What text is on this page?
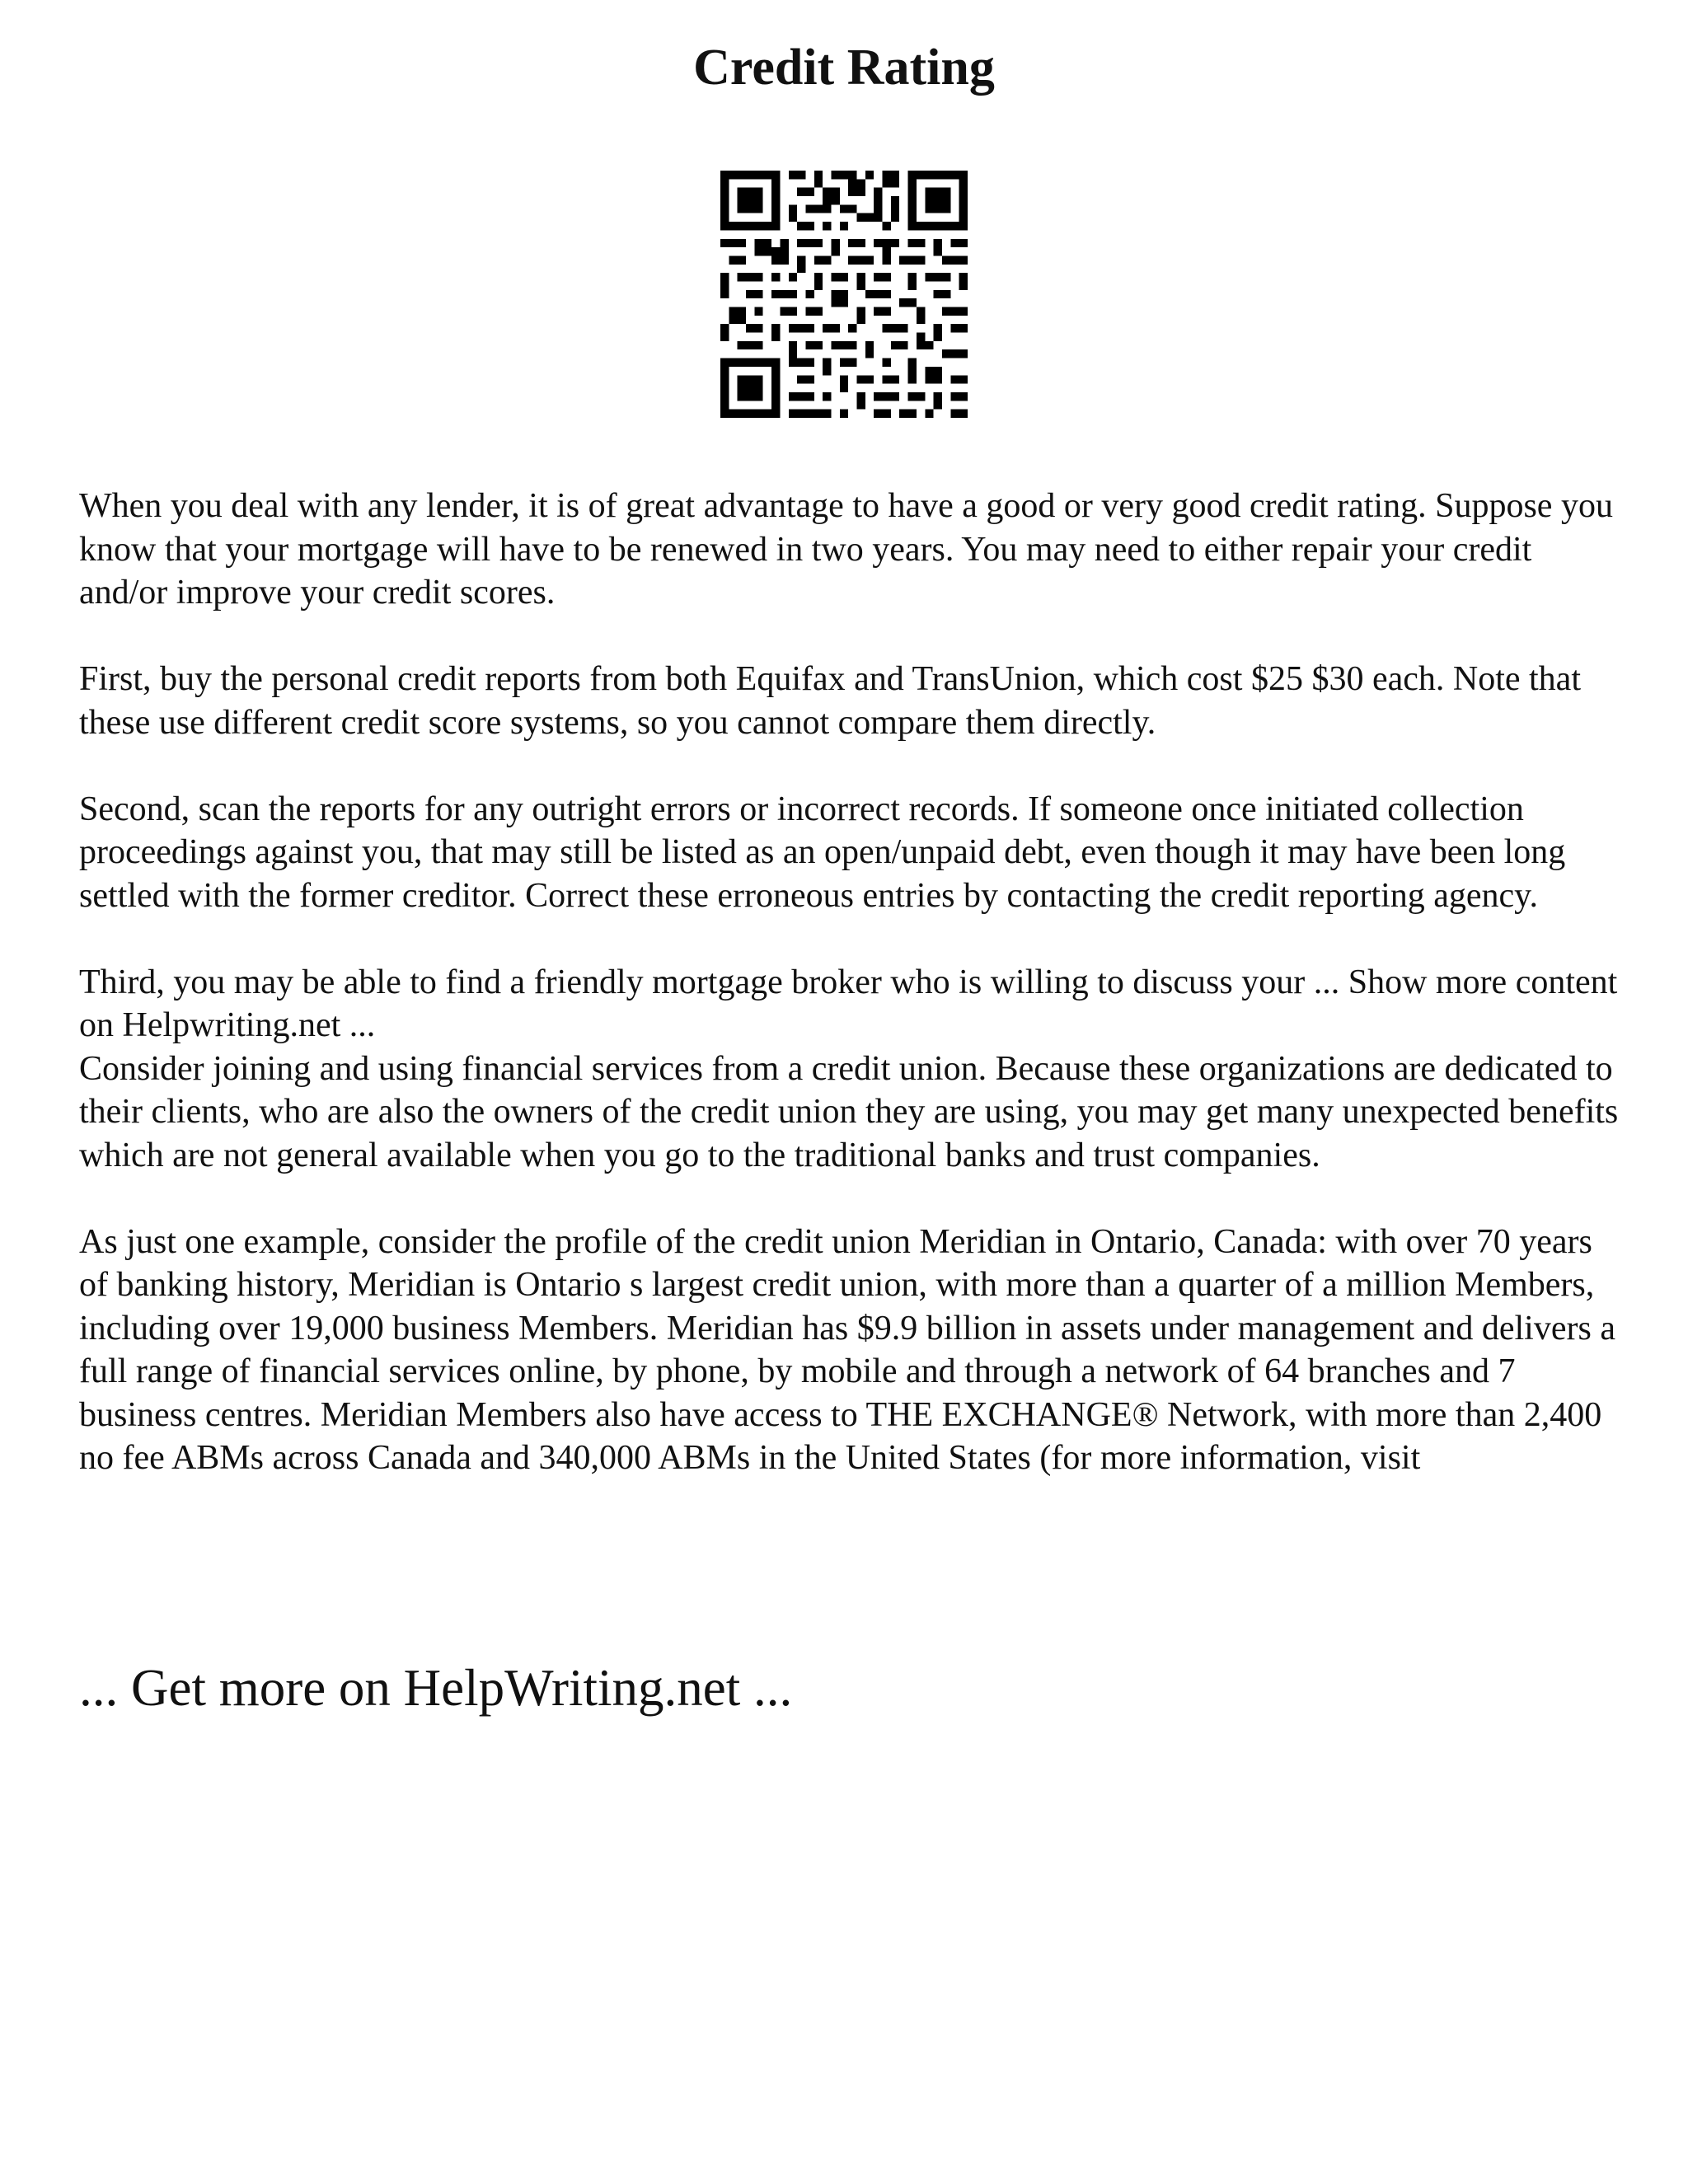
Credit Rating

When you deal with any lender, it is of great advantage to have a good or very good credit rating. Suppose you know that your mortgage will have to be renewed in two years. You may need to either repair your credit and/or improve your credit scores.

First, buy the personal credit reports from both Equifax and TransUnion, which cost $25 $30 each. Note that these use different credit score systems, so you cannot compare them directly.

Second, scan the reports for any outright errors or incorrect records. If someone once initiated collection proceedings against you, that may still be listed as an open/unpaid debt, even though it may have been long settled with the former creditor. Correct these erroneous entries by contacting the credit reporting agency.

Third, you may be able to find a friendly mortgage broker who is willing to discuss your ... Show more content on Helpwriting.net ...

Consider joining and using financial services from a credit union. Because these organizations are dedicated to their clients, who are also the owners of the credit union they are using, you may get many unexpected benefits which are not general available when you go to the traditional banks and trust companies.

As just one example, consider the profile of the credit union Meridian in Ontario, Canada: with over 70 years of banking history, Meridian is Ontario s largest credit union, with more than a quarter of a million Members, including over 19,000 business Members. Meridian has $9.9 billion in assets under management and delivers a full range of financial services online, by phone, by mobile and through a network of 64 branches and 7 business centres. Meridian Members also have access to THE EXCHANGE® Network, with more than 2,400 no fee ABMs across Canada and 340,000 ABMs in the United States (for more information, visit

... Get more on HelpWriting.net ...
